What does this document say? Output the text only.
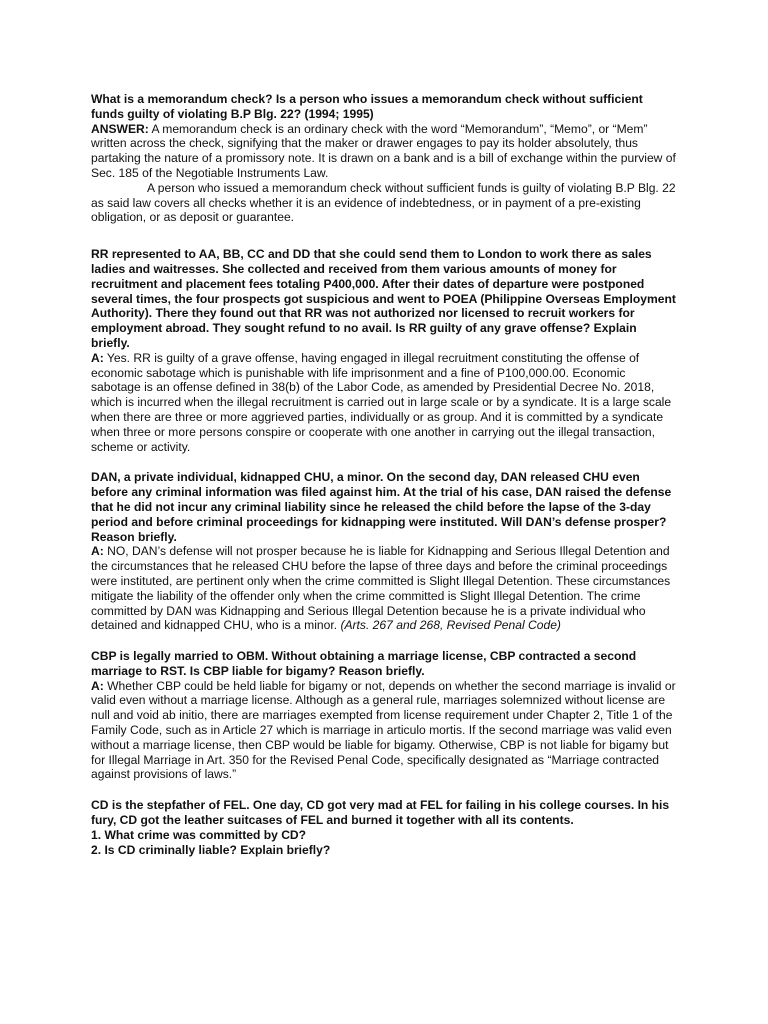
What is a memorandum check? Is a person who issues a memorandum check without sufficient funds guilty of violating B.P Blg. 22? (1994; 1995)

ANSWER: A memorandum check is an ordinary check with the word “Memorandum”, “Memo”, or “Mem” written across the check, signifying that the maker or drawer engages to pay its holder absolutely, thus partaking the nature of a promissory note. It is drawn on a bank and is a bill of exchange within the purview of Sec. 185 of the Negotiable Instruments Law.

A person who issued a memorandum check without sufficient funds is guilty of violating B.P Blg. 22 as said law covers all checks whether it is an evidence of indebtedness, or in payment of a pre-existing obligation, or as deposit or guarantee.

RR represented to AA, BB, CC and DD that she could send them to London to work there as sales ladies and waitresses. She collected and received from them various amounts of money for recruitment and placement fees totaling P400,000. After their dates of departure were postponed several times, the four prospects got suspicious and went to POEA (Philippine Overseas Employment Authority). There they found out that RR was not authorized nor licensed to recruit workers for employment abroad. They sought refund to no avail. Is RR guilty of any grave offense? Explain briefly.

A: Yes. RR is guilty of a grave offense, having engaged in illegal recruitment constituting the offense of economic sabotage which is punishable with life imprisonment and a fine of P100,000.00. Economic sabotage is an offense defined in 38(b) of the Labor Code, as amended by Presidential Decree No. 2018, which is incurred when the illegal recruitment is carried out in large scale or by a syndicate. It is a large scale when there are three or more aggrieved parties, individually or as group. And it is committed by a syndicate when three or more persons conspire or cooperate with one another in carrying out the illegal transaction, scheme or activity.

DAN, a private individual, kidnapped CHU, a minor. On the second day, DAN released CHU even before any criminal information was filed against him. At the trial of his case, DAN raised the defense that he did not incur any criminal liability since he released the child before the lapse of the 3-day period and before criminal proceedings for kidnapping were instituted. Will DAN’s defense prosper? Reason briefly.

A: NO, DAN’s defense will not prosper because he is liable for Kidnapping and Serious Illegal Detention and the circumstances that he released CHU before the lapse of three days and before the criminal proceedings were instituted, are pertinent only when the crime committed is Slight Illegal Detention. These circumstances mitigate the liability of the offender only when the crime committed is Slight Illegal Detention. The crime committed by DAN was Kidnapping and Serious Illegal Detention because he is a private individual who detained and kidnapped CHU, who is a minor. (Arts. 267 and 268, Revised Penal Code)

CBP is legally married to OBM. Without obtaining a marriage license, CBP contracted a second marriage to RST. Is CBP liable for bigamy? Reason briefly.

A: Whether CBP could be held liable for bigamy or not, depends on whether the second marriage is invalid or valid even without a marriage license. Although as a general rule, marriages solemnized without license are null and void ab initio, there are marriages exempted from license requirement under Chapter 2, Title 1 of the Family Code, such as in Article 27 which is marriage in articulo mortis. If the second marriage was valid even without a marriage license, then CBP would be liable for bigamy. Otherwise, CBP is not liable for bigamy but for Illegal Marriage in Art. 350 for the Revised Penal Code, specifically designated as “Marriage contracted against provisions of laws.”

CD is the stepfather of FEL. One day, CD got very mad at FEL for failing in his college courses. In his fury, CD got the leather suitcases of FEL and burned it together with all its contents.

1. What crime was committed by CD?

2. Is CD criminally liable? Explain briefly?
